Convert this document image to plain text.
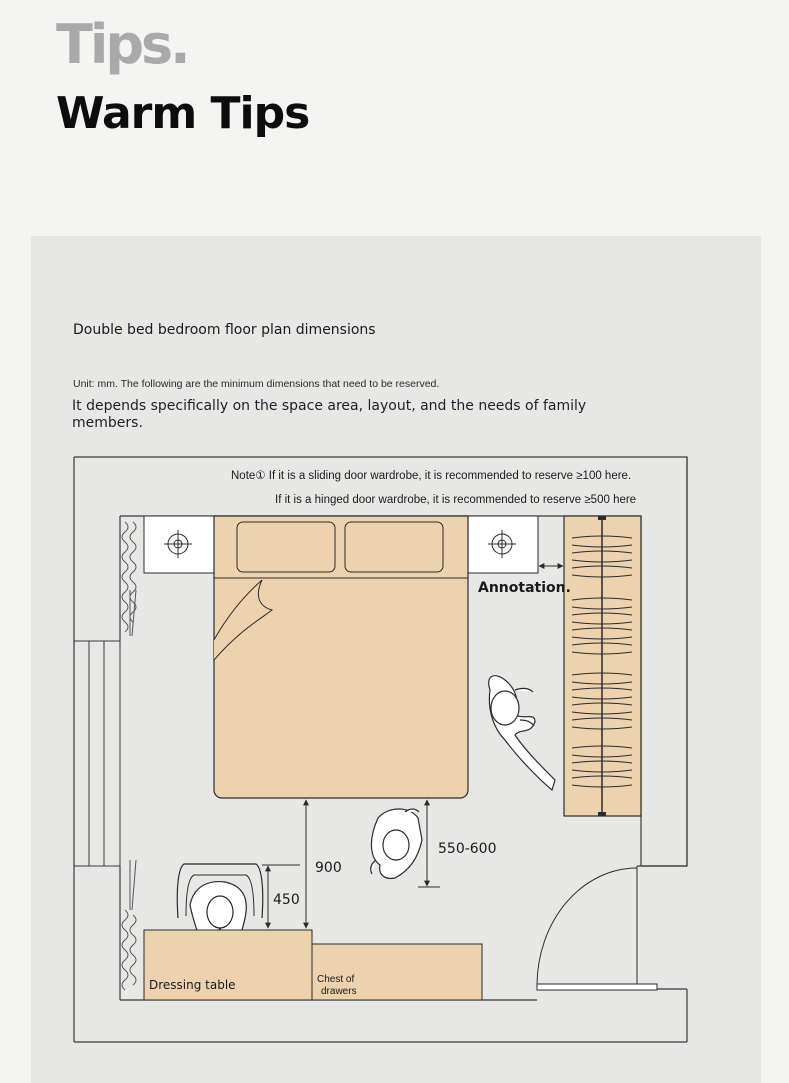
Tips.
Warm Tips
Double bed bedroom floor plan dimensions
Unit: mm. The following are the minimum dimensions that need to be reserved.
It depends specifically on the space area, layout, and the needs of family members.
Note① If it is a sliding door wardrobe, it is recommended to reserve ≥100 here.
If it is a hinged door wardrobe, it is recommended to reserve ≥500 here
Annotation.
900
550-600
450
Dressing table	Chest of
drawers
